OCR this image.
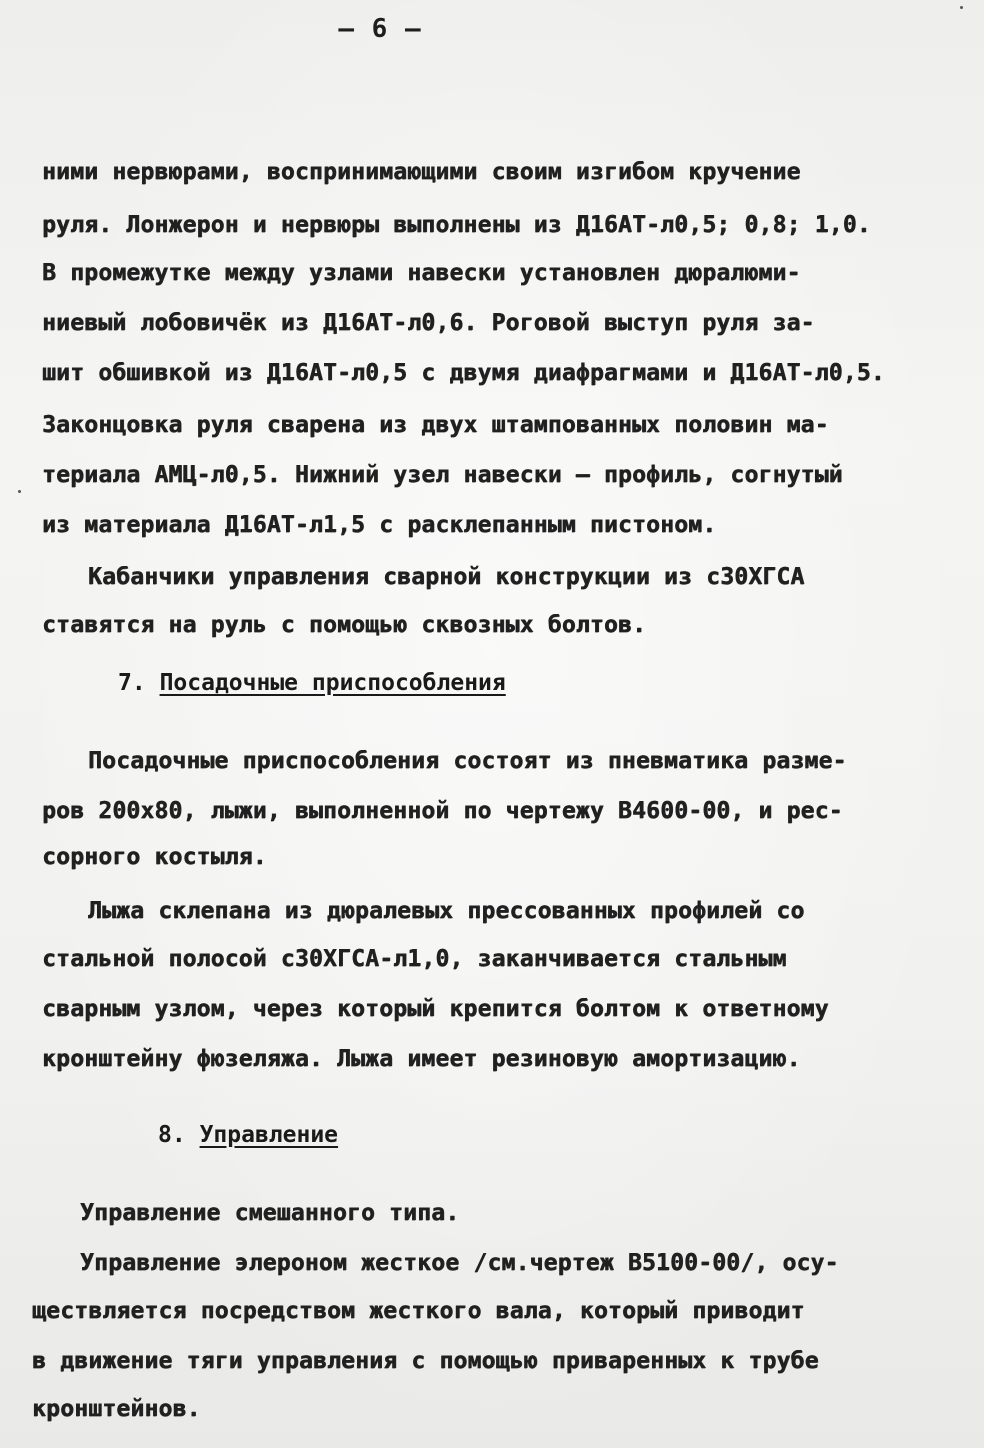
– 6 –
ними нервюрами, воспринимающими своим изгибом кручение
руля. Лонжерон и нервюры выполнены из Д16АТ-л0,5; 0,8; 1,0.
В промежутке между узлами навески установлен дюралюми-
ниевый лобовичёк из Д16АТ-л0,6. Роговой выступ руля за-
шит обшивкой из Д16АТ-л0,5 с двумя диафрагмами и Д16АТ-л0,5.
Законцовка руля сварена из двух штампованных половин ма-
териала АМЦ-л0,5. Нижний узел навески – профиль, согнутый
из материала Д16АТ-л1,5 с расклепанным пистоном.
Кабанчики управления сварной конструкции из с30ХГСА
ставятся на руль с помощью сквозных болтов.
7. Посадочные приспособления
Посадочные приспособления состоят из пневматика разме-
ров 200х80, лыжи, выполненной по чертежу В4600-00, и рес-
сорного костыля.
Лыжа склепана из дюралевых прессованных профилей со
стальной полосой с30ХГСА-л1,0, заканчивается стальным
сварным узлом, через который крепится болтом к ответному
кронштейну фюзеляжа. Лыжа имеет резиновую амортизацию.
8. Управление
Управление смешанного типа.
Управление элероном жесткое /см.чертеж В5100-00/, осу-
ществляется посредством жесткого вала, который приводит
в движение тяги управления с помощью приваренных к трубе
кронштейнов.
